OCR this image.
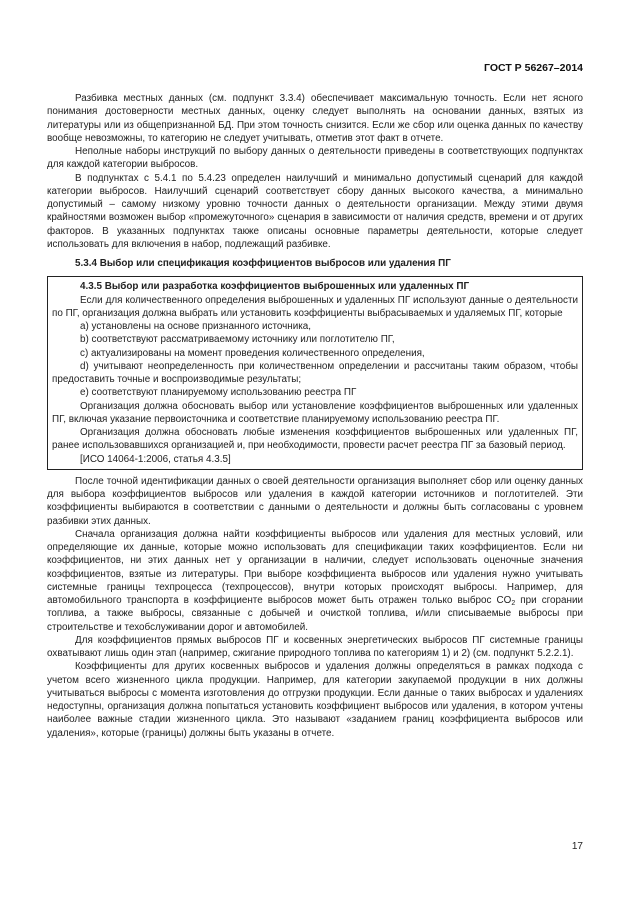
ГОСТ Р 56267–2014

Разбивка местных данных (см. подпункт 3.3.4) обеспечивает максимальную точность. Если нет ясного понимания достоверности местных данных, оценку следует выполнять на основании данных, взятых из литературы или из общепризнанной БД. При этом точность снизится. Если же сбор или оценка данных по качеству вообще невозможны, то категорию не следует учитывать, отметив этот факт в отчете.

Неполные наборы инструкций по выбору данных о деятельности приведены в соответствующих подпунктах для каждой категории выбросов.

В подпунктах с 5.4.1 по 5.4.23 определен наилучший и минимально допустимый сценарий для каждой категории выбросов. Наилучший сценарий соответствует сбору данных высокого качества, а минимально допустимый – самому низкому уровню точности данных о деятельности организации. Между этими двумя крайностями возможен выбор «промежуточного» сценария в зависимости от наличия средств, времени и от других факторов. В указанных подпунктах также описаны основные параметры деятельности, которые следует использовать для включения в набор, подлежащий разбивке.

5.3.4 Выбор или спецификация коэффициентов выбросов или удаления ПГ

4.3.5 Выбор или разработка коэффициентов выброшенных или удаленных ПГ

Если для количественного определения выброшенных и удаленных ПГ используют данные о деятельности по ПГ, организация должна выбрать или установить коэффициенты выбрасываемых и удаляемых ПГ, которые

a) установлены на основе признанного источника,

b) соответствуют рассматриваемому источнику или поглотителю ПГ,

c) актуализированы на момент проведения количественного определения,

d) учитывают неопределенность при количественном определении и рассчитаны таким образом, чтобы предоставить точные и воспроизводимые результаты;

e) соответствуют планируемому использованию реестра ПГ

Организация должна обосновать выбор или установление коэффициентов выброшенных или удаленных ПГ, включая указание первоисточника и соответствие планируемому использованию реестра ПГ.

Организация должна обосновать любые изменения коэффициентов выброшенных или удаленных ПГ, ранее использовавшихся организацией и, при необходимости, провести расчет реестра ПГ за базовый период.

[ИСО 14064-1:2006, статья 4.3.5]

После точной идентификации данных о своей деятельности организация выполняет сбор или оценку данных для выбора коэффициентов выбросов или удаления в каждой категории источников и поглотителей. Эти коэффициенты выбираются в соответствии с данными о деятельности и должны быть согласованы с уровнем разбивки этих данных.

Сначала организация должна найти коэффициенты выбросов или удаления для местных условий, или определяющие их данные, которые можно использовать для спецификации таких коэффициентов. Если ни коэффициентов, ни этих данных нет у организации в наличии, следует использовать оценочные значения коэффициентов, взятые из литературы. При выборе коэффициента выбросов или удаления нужно учитывать системные границы техпроцесса (техпроцессов), внутри которых происходят выбросы. Например, для автомобильного транспорта в коэффициенте выбросов может быть отражен только выброс $CO_2$ при сгорании топлива, а также выбросы, связанные с добычей и очисткой топлива, и/или списываемые выбросы при строительстве и техобслуживании дорог и автомобилей.

Для коэффициентов прямых выбросов ПГ и косвенных энергетических выбросов ПГ системные границы охватывают лишь один этап (например, сжигание природного топлива по категориям 1) и 2) (см. подпункт 5.2.2.1).

Коэффициенты для других косвенных выбросов и удаления должны определяться в рамках подхода с учетом всего жизненного цикла продукции. Например, для категории закупаемой продукции в них должны учитываться выбросы с момента изготовления до отгрузки продукции. Если данные о таких выбросах и удалениях недоступны, организация должна попытаться установить коэффициент выбросов или удаления, в котором учтены наиболее важные стадии жизненного цикла. Это называют «заданием границ коэффициента выбросов или удаления», которые (границы) должны быть указаны в отчете.

17
